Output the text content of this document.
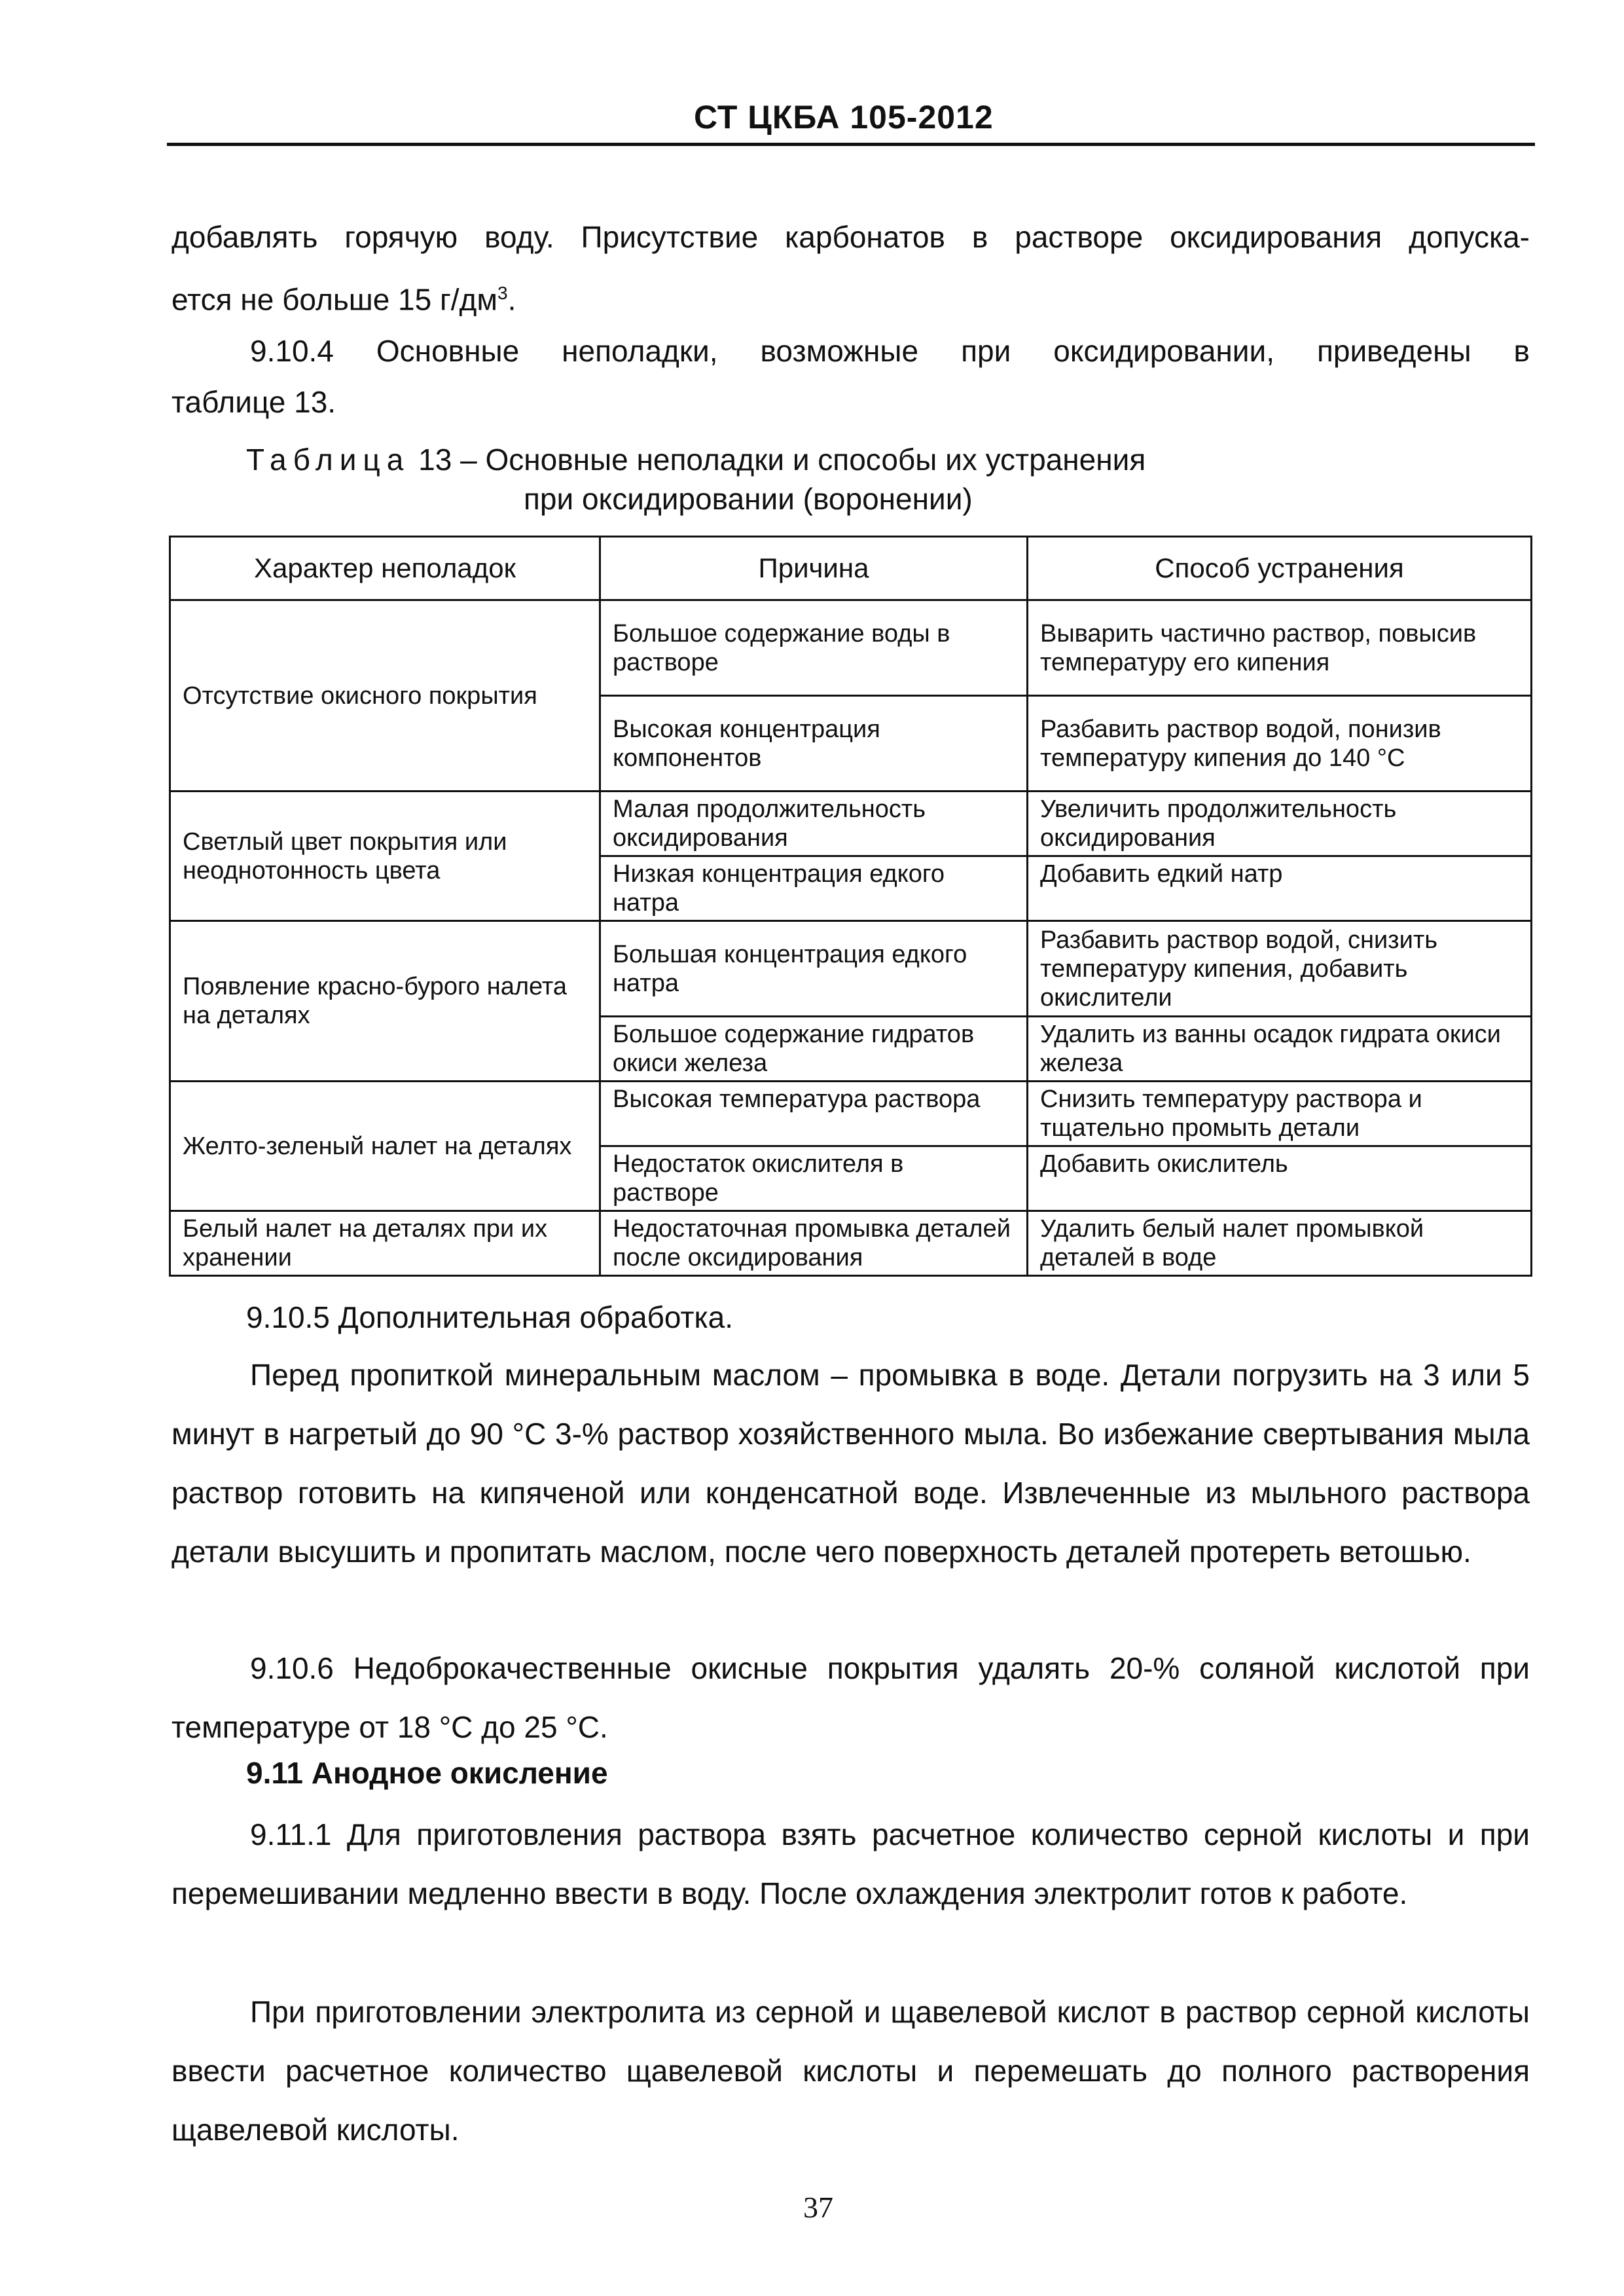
СТ ЦКБА 105-2012
добавлять горячую воду. Присутствие карбонатов в растворе оксидирования допуска-
ется не больше 15 $г/дм^3$.
9.10.4 Основные неполадки, возможные при оксидировании, приведены в
таблице 13.
Таблица 13 – Основные неполадки и способы их устранения
при оксидировании (воронении)
Характер неполадок	Причина	Способ устранения
Отсутствие окисного покрытия	Большое содержание воды в растворе	Выварить частично раствор, повысив температуру его кипения
	Высокая концентрация компонентов	Разбавить раствор водой, понизив температуру кипения до 140 °С
Светлый цвет покрытия или неоднотонность цвета	Малая продолжительность оксидирования	Увеличить продолжительность оксидирования
	Низкая концентрация едкого натра	Добавить едкий натр
Появление красно-бурого налета на деталях	Большая концентрация едкого натра	Разбавить раствор водой, снизить температуру кипения, добавить окислители
	Большое содержание гидратов окиси железа	Удалить из ванны осадок гидрата окиси железа
Желто-зеленый налет на деталях	Высокая температура раствора	Снизить температуру раствора и тщательно промыть детали
	Недостаток окислителя в растворе	Добавить окислитель
Белый налет на деталях при их хранении	Недостаточная промывка деталей после оксидирования	Удалить белый налет промывкой деталей в воде
9.10.5 Дополнительная обработка.
Перед пропиткой минеральным маслом – промывка в воде. Детали погрузить на 3 или 5 минут в нагретый до 90 °С 3-% раствор хозяйственного мыла. Во избежание свертывания мыла раствор готовить на кипяченой или конденсатной воде. Извлеченные из мыльного раствора детали высушить и пропитать маслом, после чего поверхность деталей протереть ветошью.
9.10.6 Недоброкачественные окисные покрытия удалять 20-% соляной кислотой при температуре от 18 °С до 25 °С.
9.11 Анодное окисление
9.11.1 Для приготовления раствора взять расчетное количество серной кислоты и при перемешивании медленно ввести в воду. После охлаждения электролит готов к работе.
При приготовлении электролита из серной и щавелевой кислот в раствор серной кислоты ввести расчетное количество щавелевой кислоты и перемешать до полного растворения щавелевой кислоты.
37
